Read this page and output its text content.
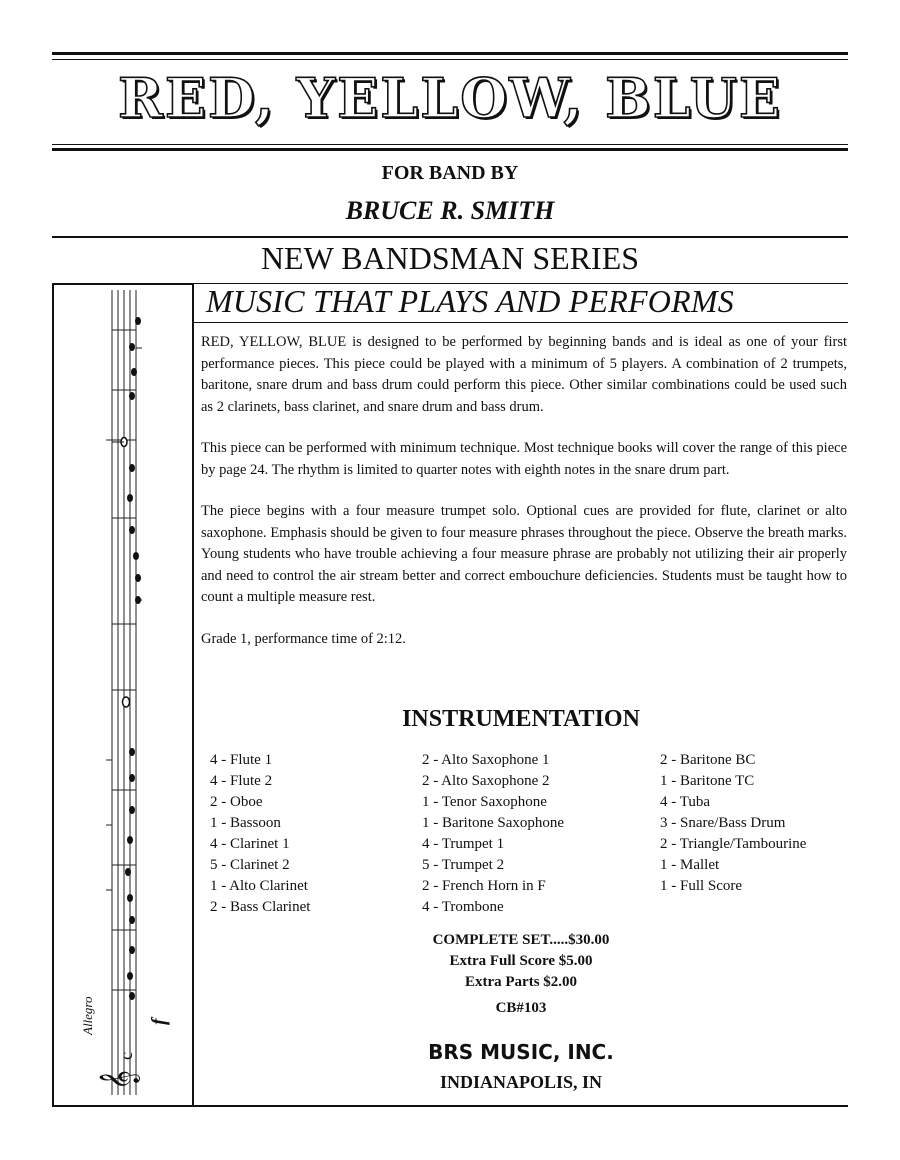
RED, YELLOW, BLUE
FOR BAND BY
BRUCE R. SMITH
NEW BANDSMAN SERIES
MUSIC THAT PLAYS AND PERFORMS
Allegro	f
c
𝄞

RED, YELLOW, BLUE is designed to be performed by beginning bands and is ideal as one of your first performance pieces. This piece could be played with a minimum of 5 players. A combination of 2 trumpets, baritone, snare drum and bass drum could perform this piece. Other similar combinations could be used such as 2 clarinets, bass clarinet, and snare drum and bass drum.

This piece can be performed with minimum technique. Most technique books will cover the range of this piece by page 24. The rhythm is limited to quarter notes with eighth notes in the snare drum part.

The piece begins with a four measure trumpet solo. Optional cues are provided for flute, clarinet or alto saxophone. Emphasis should be given to four measure phrases throughout the piece. Observe the breath marks. Young students who have trouble achieving a four measure phrase are probably not utilizing their air properly and need to control the air stream better and correct embouchure deficiencies. Students must be taught how to count a multiple measure rest.

Grade 1, performance time of 2:12.

INSTRUMENTATION
4 - Flute 1
4 - Flute 2
2 - Oboe
1 - Bassoon
4 - Clarinet 1
5 - Clarinet 2
1 - Alto Clarinet
2 - Bass Clarinet
2 - Alto Saxophone 1
2 - Alto Saxophone 2
1 - Tenor Saxophone
1 - Baritone Saxophone
4 - Trumpet 1
5 - Trumpet 2
2 - French Horn in F
4 - Trombone
2 - Baritone BC
1 - Baritone TC
4 - Tuba
3 - Snare/Bass Drum
2 - Triangle/Tambourine
1 - Mallet
1 - Full Score
COMPLETE SET.....$30.00
Extra Full Score $5.00
Extra Parts $2.00
CB#103
BRS MUSIC, INC.
INDIANAPOLIS, IN
